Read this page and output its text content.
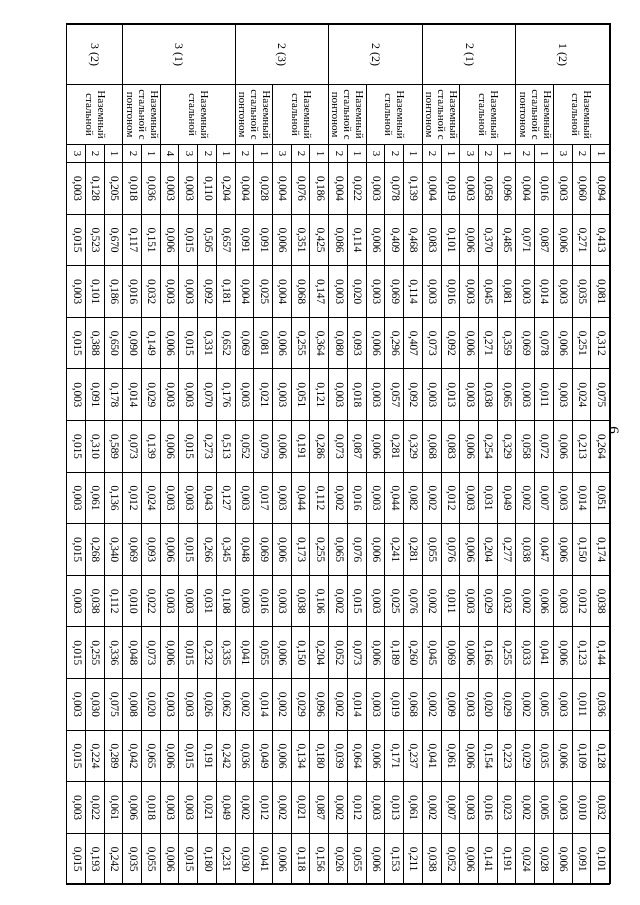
6
1 (2)	Наземный стальной	1	0,094	0,413	0,081	0,312	0,075	0,264	0,051	0,174	0,038	0,144	0,036	0,128	0,032	0,101
		2	0,060	0,271	0,035	0,251	0,024	0,213	0,014	0,150	0,012	0,123	0,011	0,109	0,010	0,091
		3	0,003	0,006	0,003	0,006	0,003	0,006	0,003	0,006	0,003	0,006	0,003	0,006	0,003	0,006
	Наземный стальной с понтоном	1	0,016	0,087	0,014	0,078	0,011	0,072	0,007	0,047	0,006	0,041	0,005	0,035	0,005	0,028
		2	0,004	0,071	0,003	0,069	0,003	0,058	0,002	0,038	0,002	0,033	0,002	0,029	0,002	0,024
2 (1)	Наземный стальной	1	0,096	0,485	0,081	0,359	0,065	0,329	0,049	0,277	0,032	0,255	0,029	0,223	0,023	0,191
		2	0,058	0,370	0,045	0,271	0,038	0,254	0,031	0,204	0,029	0,166	0,020	0,154	0,016	0,141
		3	0,003	0,006	0,003	0,006	0,003	0,006	0,003	0,006	0,003	0,006	0,003	0,006	0,003	0,006
	Наземный стальной с понтоном	1	0,019	0,101	0,016	0,092	0,013	0,083	0,012	0,076	0,011	0,069	0,009	0,061	0,007	0,052
		2	0,004	0,083	0,003	0,073	0,003	0,068	0,002	0,055	0,002	0,045	0,002	0,041	0,002	0,038
2 (2)	Наземный стальной	1	0,139	0,468	0,114	0,407	0,092	0,329	0,082	0,281	0,076	0,260	0,068	0,237	0,061	0,211
		2	0,078	0,409	0,069	0,296	0,057	0,281	0,044	0,241	0,025	0,189	0,019	0,171	0,013	0,153
		3	0,003	0,006	0,003	0,006	0,003	0,006	0,003	0,006	0,003	0,006	0,003	0,006	0,003	0,006
	Наземный стальной с понтоном	1	0,022	0,114	0,020	0,093	0,018	0,087	0,016	0,076	0,015	0,073	0,014	0,064	0,012	0,055
		2	0,004	0,086	0,003	0,080	0,003	0,073	0,002	0,065	0,002	0,052	0,002	0,039	0,002	0,026
2 (3)	Наземный стальной	1	0,186	0,425	0,147	0,364	0,121	0,286	0,112	0,255	0,106	0,204	0,096	0,180	0,087	0,156
		2	0,076	0,351	0,068	0,255	0,051	0,191	0,044	0,173	0,038	0,150	0,029	0,134	0,021	0,118
		3	0,004	0,006	0,004	0,006	0,003	0,006	0,003	0,006	0,003	0,006	0,002	0,006	0,002	0,006
	Наземный стальной с понтоном	1	0,028	0,091	0,025	0,081	0,021	0,079	0,017	0,069	0,016	0,055	0,014	0,049	0,012	0,041
		2	0,004	0,091	0,004	0,069	0,003	0,052	0,003	0,048	0,003	0,041	0,002	0,036	0,002	0,030
3 (1)	Наземный стальной	1	0,204	0,657	0,181	0,652	0,176	0,513	0,127	0,345	0,108	0,335	0,062	0,242	0,049	0,231
		2	0,110	0,505	0,092	0,331	0,070	0,273	0,043	0,266	0,031	0,232	0,026	0,191	0,021	0,180
		3	0,003	0,015	0,003	0,015	0,003	0,015	0,003	0,015	0,003	0,015	0,003	0,015	0,003	0,015
		4	0,003	0,006	0,003	0,006	0,003	0,006	0,003	0,006	0,003	0,006	0,003	0,006	0,003	0,006
	Наземный стальной с понтоном	1	0,036	0,151	0,032	0,149	0,029	0,139	0,024	0,093	0,022	0,073	0,020	0,065	0,018	0,055
		2	0,018	0,117	0,016	0,090	0,014	0,073	0,012	0,069	0,010	0,048	0,008	0,042	0,006	0,035
3 (2)	Наземный стальной	1	0,205	0,670	0,186	0,650	0,178	0,589	0,136	0,340	0,112	0,336	0,075	0,289	0,061	0,242
		2	0,128	0,523	0,101	0,388	0,091	0,310	0,061	0,268	0,038	0,255	0,030	0,224	0,022	0,193
		3	0,003	0,015	0,003	0,015	0,003	0,015	0,003	0,015	0,003	0,015	0,003	0,015	0,003	0,015
